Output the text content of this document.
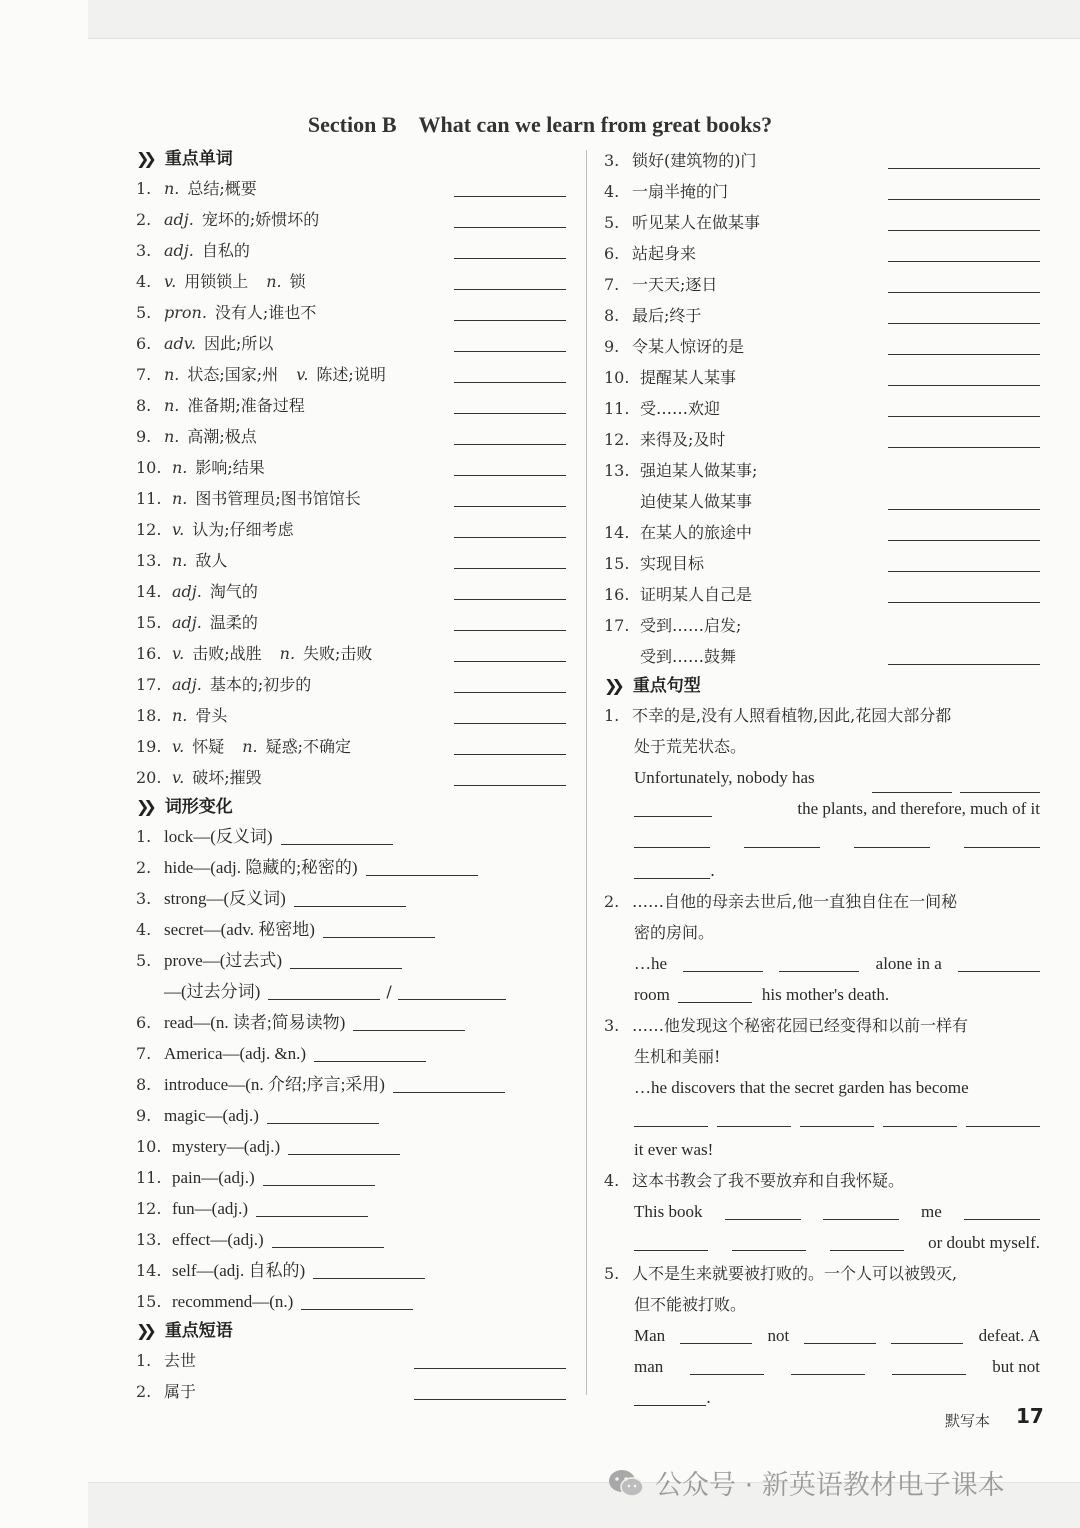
Section B What can we learn from great books?
❯❯ 重点单词
1. n. 总结;概要
2. adj. 宠坏的;娇惯坏的
3. adj. 自私的
4. v. 用锁锁上 n. 锁
5. pron. 没有人;谁也不
6. adv. 因此;所以
7. n. 状态;国家;州 v. 陈述;说明
8. n. 准备期;准备过程
9. n. 高潮;极点
10. n. 影响;结果
11. n. 图书管理员;图书馆馆长
12. v. 认为;仔细考虑
13. n. 敌人
14. adj. 淘气的
15. adj. 温柔的
16. v. 击败;战胜 n. 失败;击败
17. adj. 基本的;初步的
18. n. 骨头
19. v. 怀疑 n. 疑惑;不确定
20. v. 破坏;摧毁
❯❯ 词形变化
1. lock—(反义词)
2. hide—(adj. 隐藏的;秘密的)
3. strong—(反义词)
4. secret—(adv. 秘密地)
5. prove—(过去式)
—(过去分词)	/
6. read—(n. 读者;简易读物)
7. America—(adj. &n.)
8. introduce—(n. 介绍;序言;采用)
9. magic—(adj.)
10. mystery—(adj.)
11. pain—(adj.)
12. fun—(adj.)
13. effect—(adj.)
14. self—(adj. 自私的)
15. recommend—(n.)
❯❯ 重点短语
1. 去世
2. 属于
3. 锁好(建筑物的)门
4. 一扇半掩的门
5. 听见某人在做某事
6. 站起身来
7. 一天天;逐日
8. 最后;终于
9. 令某人惊讶的是
10. 提醒某人某事
11. 受……欢迎
12. 来得及;及时
13. 强迫某人做某事;
迫使某人做某事
14. 在某人的旅途中
15. 实现目标
16. 证明某人自己是
17. 受到……启发;
受到……鼓舞
❯❯ 重点句型
1. 不幸的是,没有人照看植物,因此,花园大部分都
处于荒芜状态。
Unfortunately, nobody has
the plants, and therefore, much of it
.
2. ……自他的母亲去世后,他一直独自住在一间秘
密的房间。
…he	alone in a
room	his mother's death.
3. ……他发现这个秘密花园已经变得和以前一样有
生机和美丽!
…he discovers that the secret garden has become
it ever was!
4. 这本书教会了我不要放弃和自我怀疑。
This book	me
or doubt myself.
5. 人不是生来就要被打败的。一个人可以被毁灭,
但不能被打败。
Man	not	defeat. A
man	but not
.
默写本 17
公众号 · 新英语教材电子课本
